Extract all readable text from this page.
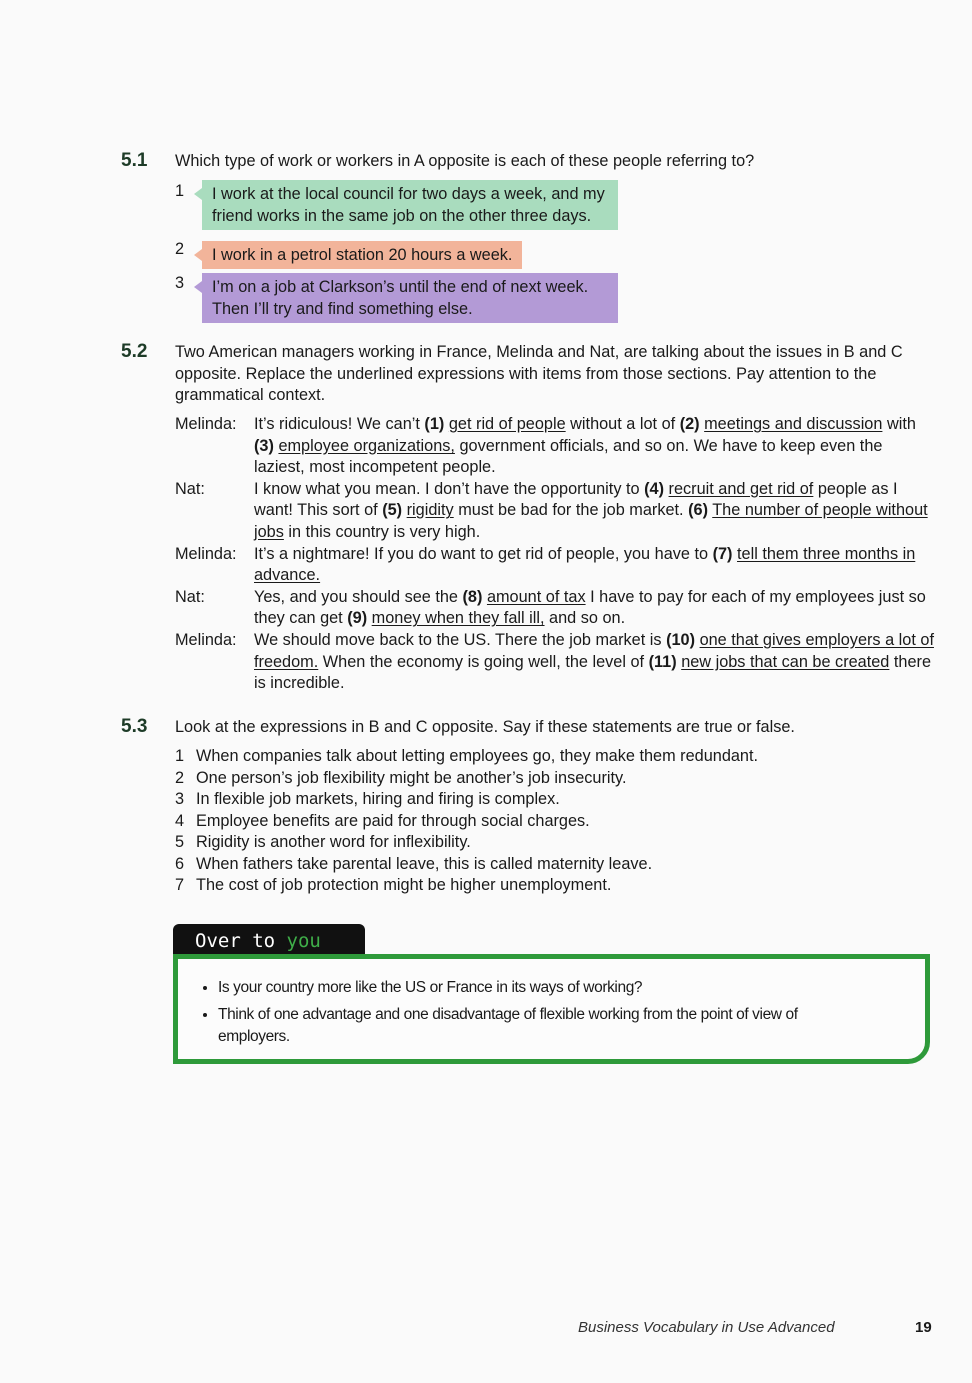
5.1 Which type of work or workers in A opposite is each of these people referring to?
1	I work at the local council for two days a week, and my friend works in the same job on the other three days.
2	I work in a petrol station 20 hours a week.
3	I’m on a job at Clarkson’s until the end of next week. Then I’ll try and find something else.
5.2 Two American managers working in France, Melinda and Nat, are talking about the issues in B and C opposite. Replace the underlined expressions with items from those sections. Pay attention to the grammatical context.
Melinda:	It’s ridiculous! We can’t (1) get rid of people without a lot of (2) meetings and discussion with (3) employee organizations, government officials, and so on. We have to keep even the laziest, most incompetent people.
Nat:	I know what you mean. I don’t have the opportunity to (4) recruit and get rid of people as I want! This sort of (5) rigidity must be bad for the job market. (6) The number of people without jobs in this country is very high.
Melinda:	It’s a nightmare! If you do want to get rid of people, you have to (7) tell them three months in advance.
Nat:	Yes, and you should see the (8) amount of tax I have to pay for each of my employees just so they can get (9) money when they fall ill, and so on.
Melinda:	We should move back to the US. There the job market is (10) one that gives employers a lot of freedom. When the economy is going well, the level of (11) new jobs that can be created there is incredible.
5.3 Look at the expressions in B and C opposite. Say if these statements are true or false.
1 When companies talk about letting employees go, they make them redundant.
2 One person’s job flexibility might be another’s job insecurity.
3 In flexible job markets, hiring and firing is complex.
4 Employee benefits are paid for through social charges.
5 Rigidity is another word for inflexibility.
6 When fathers take parental leave, this is called maternity leave.
7 The cost of job protection might be higher unemployment.
Over to you
• Is your country more like the US or France in its ways of working?
• Think of one advantage and one disadvantage of flexible working from the point of view of employers.
Business Vocabulary in Use Advanced	19
